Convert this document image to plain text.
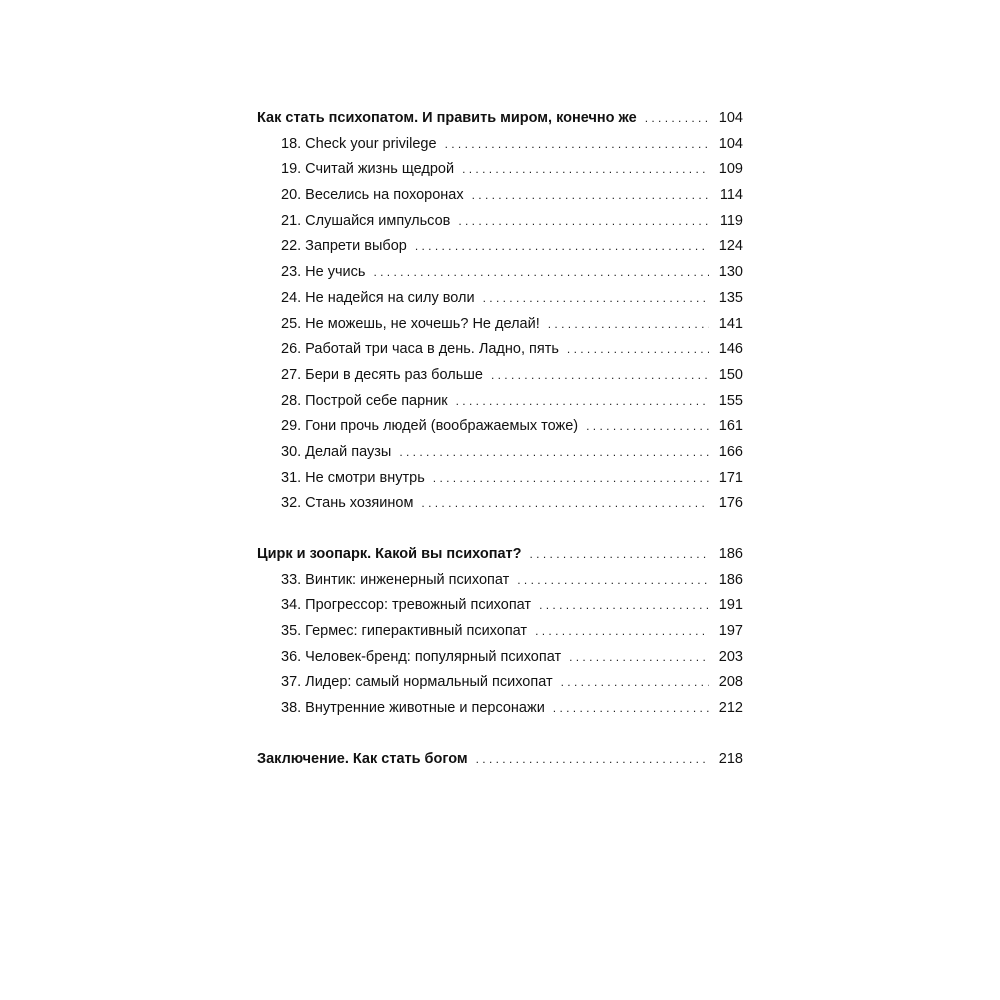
Как стать психопатом. И править миром, конечно же . . .	104
18. Check your privilege . . .	104
19. Считай жизнь щедрой . . .	109
20. Веселись на похоронах . . .	114
21. Слушайся импульсов . . .	119
22. Запрети выбор . . .	124
23. Не учись . . .	130
24. Не надейся на силу воли . . .	135
25. Не можешь, не хочешь? Не делай! . . .	141
26. Работай три часа в день. Ладно, пять . . .	146
27. Бери в десять раз больше . . .	150
28. Построй себе парник . . .	155
29. Гони прочь людей (воображаемых тоже) . . .	161
30. Делай паузы . . .	166
31. Не смотри внутрь . . .	171
32. Стань хозяином . . .	176
Цирк и зоопарк. Какой вы психопат? . . .	186
33. Винтик: инженерный психопат . . .	186
34. Прогрессор: тревожный психопат . . .	191
35. Гермес: гиперактивный психопат . . .	197
36. Человек-бренд: популярный психопат . . .	203
37. Лидер: самый нормальный психопат . . .	208
38. Внутренние животные и персонажи . . .	212
Заключение. Как стать богом . . .	218
